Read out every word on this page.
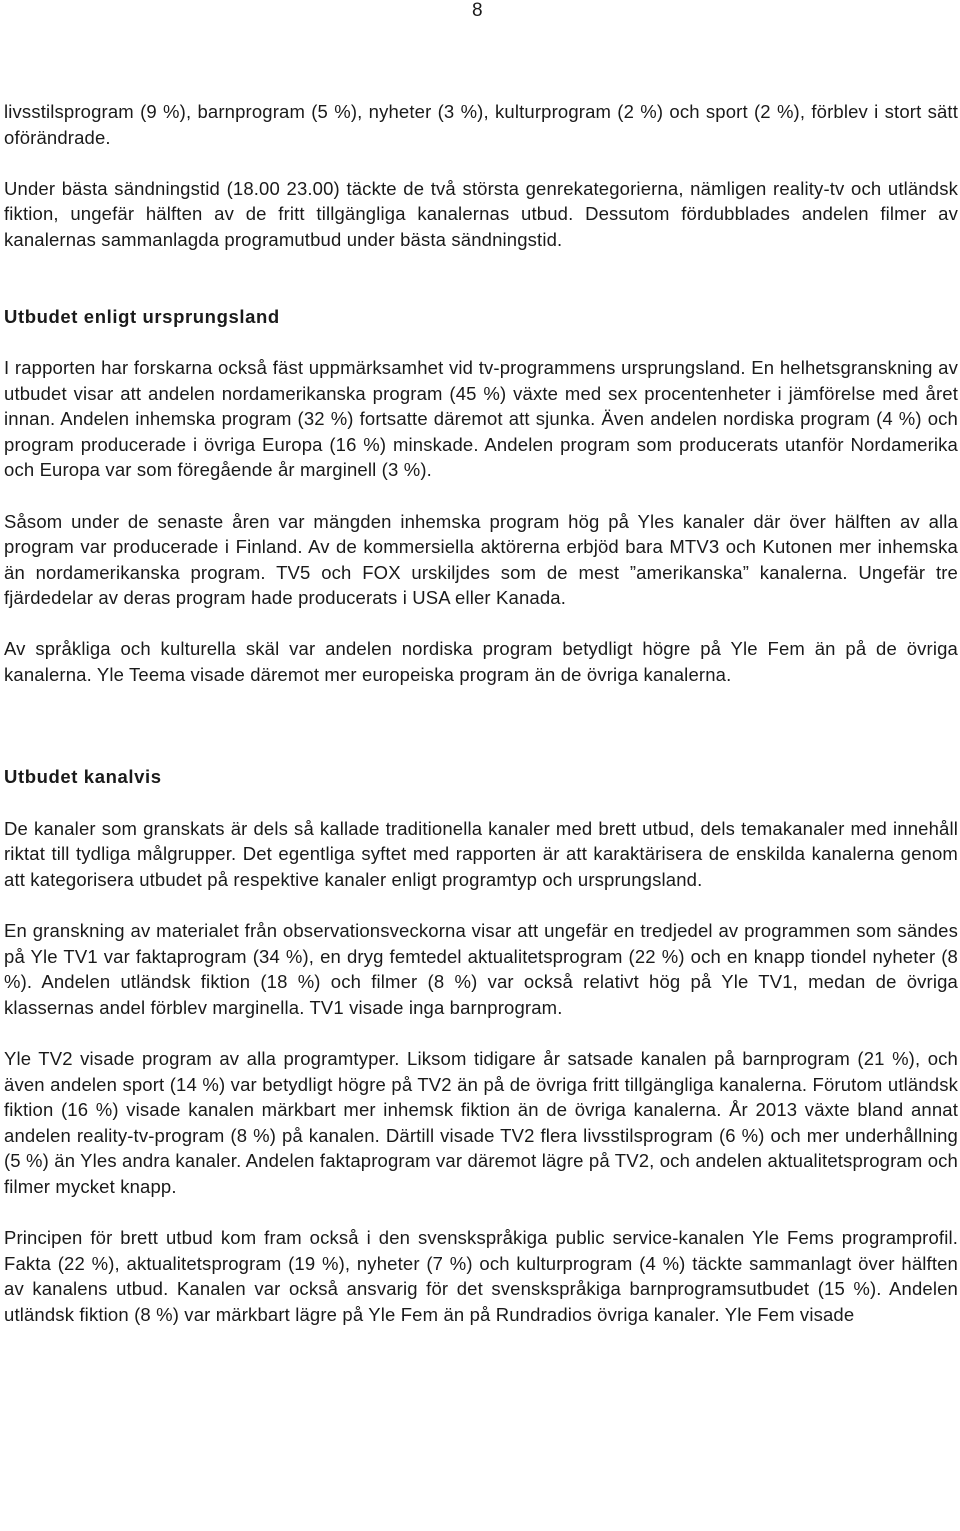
8

livsstilsprogram (9 %), barnprogram (5 %), nyheter (3 %), kulturprogram (2 %) och sport (2 %), förblev i stort sätt oförändrade.

Under bästa sändningstid (18.00 23.00) täckte de två största genrekategorierna, nämligen reality-tv och utländsk fiktion, ungefär hälften av de fritt tillgängliga kanalernas utbud. Dessutom fördubblades andelen filmer av kanalernas sammanlagda programutbud under bästa sändningstid.

Utbudet enligt ursprungsland

I rapporten har forskarna också fäst uppmärksamhet vid tv-programmens ursprungsland. En helhetsgranskning av utbudet visar att andelen nordamerikanska program (45 %) växte med sex procentenheter i jämförelse med året innan. Andelen inhemska program (32 %) fortsatte däremot att sjunka. Även andelen nordiska program (4 %) och program producerade i övriga Europa (16 %) minskade. Andelen program som producerats utanför Nordamerika och Europa var som föregående år marginell (3 %).

Såsom under de senaste åren var mängden inhemska program hög på Yles kanaler där över hälften av alla program var producerade i Finland. Av de kommersiella aktörerna erbjöd bara MTV3 och Kutonen mer inhemska än nordamerikanska program. TV5 och FOX urskiljdes som de mest ”amerikanska” kanalerna. Ungefär tre fjärdedelar av deras program hade producerats i USA eller Kanada.

Av språkliga och kulturella skäl var andelen nordiska program betydligt högre på Yle Fem än på de övriga kanalerna. Yle Teema visade däremot mer europeiska program än de övriga kanalerna.

Utbudet kanalvis

De kanaler som granskats är dels så kallade traditionella kanaler med brett utbud, dels temakanaler med innehåll riktat till tydliga målgrupper. Det egentliga syftet med rapporten är att karaktärisera de enskilda kanalerna genom att kategorisera utbudet på respektive kanaler enligt programtyp och ursprungsland.

En granskning av materialet från observationsveckorna visar att ungefär en tredjedel av programmen som sändes på Yle TV1 var faktaprogram (34 %), en dryg femtedel aktualitetsprogram (22 %) och en knapp tiondel nyheter (8 %). Andelen utländsk fiktion (18 %) och filmer (8 %) var också relativt hög på Yle TV1, medan de övriga klassernas andel förblev marginella. TV1 visade inga barnprogram.

Yle TV2 visade program av alla programtyper. Liksom tidigare år satsade kanalen på barnprogram (21 %), och även andelen sport (14 %) var betydligt högre på TV2 än på de övriga fritt tillgängliga kanalerna. Förutom utländsk fiktion (16 %) visade kanalen märkbart mer inhemsk fiktion än de övriga kanalerna. År 2013 växte bland annat andelen reality-tv-program (8 %) på kanalen. Därtill visade TV2 flera livsstilsprogram (6 %) och mer underhållning (5 %) än Yles andra kanaler. Andelen faktaprogram var däremot lägre på TV2, och andelen aktualitetsprogram och filmer mycket knapp.

Principen för brett utbud kom fram också i den svenskspråkiga public service-kanalen Yle Fems programprofil. Fakta (22 %), aktualitetsprogram (19 %), nyheter (7 %) och kulturprogram (4 %) täckte sammanlagt över hälften av kanalens utbud. Kanalen var också ansvarig för det svenskspråkiga barnprogramsutbudet (15 %). Andelen utländsk fiktion (8 %) var märkbart lägre på Yle Fem än på Rundradios övriga kanaler. Yle Fem visade
